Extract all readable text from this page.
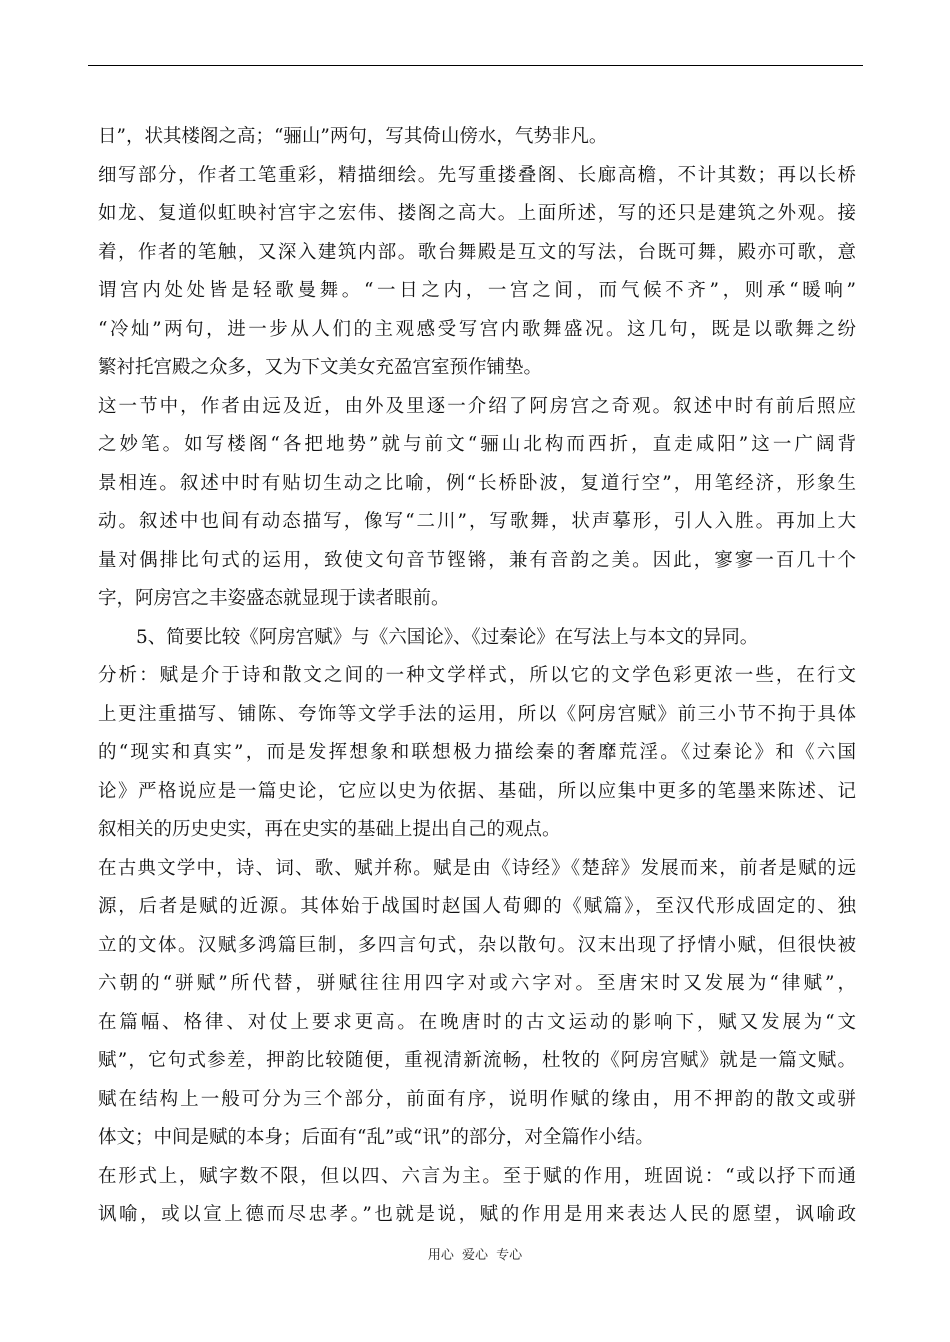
日”，状其楼阁之高；“骊山”两句，写其倚山傍水，气势非凡。
细写部分，作者工笔重彩，精描细绘。先写重搂叠阁、长廊高檐，不计其数；再以长桥
如龙、复道似虹映衬宫宇之宏伟、搂阁之高大。上面所述，写的还只是建筑之外观。接
着，作者的笔触，又深入建筑内部。歌台舞殿是互文的写法，台既可舞，殿亦可歌，意
谓宫内处处皆是轻歌曼舞。“一日之内，一宫之间，而气候不齐”，则承“暖响”
“冷灿”两句，进一步从人们的主观感受写宫内歌舞盛况。这几句，既是以歌舞之纷
繁衬托宫殿之众多，又为下文美女充盈宫室预作铺垫。
这一节中，作者由远及近，由外及里逐一介绍了阿房宫之奇观。叙述中时有前后照应
之妙笔。如写楼阁“各把地势”就与前文“骊山北构而西折，直走咸阳”这一广阔背
景相连。叙述中时有贴切生动之比喻，例“长桥卧波，复道行空”，用笔经济，形象生
动。叙述中也间有动态描写，像写“二川”，写歌舞，状声摹形，引人入胜。再加上大
量对偶排比句式的运用，致使文句音节铿锵，兼有音韵之美。因此，寥寥一百几十个
字，阿房宫之丰姿盛态就显现于读者眼前。
5、简要比较《阿房宫赋》与《六国论》、《过秦论》在写法上与本文的异同。
分析：赋是介于诗和散文之间的一种文学样式，所以它的文学色彩更浓一些，在行文
上更注重描写、铺陈、夸饰等文学手法的运用，所以《阿房宫赋》前三小节不拘于具体
的“现实和真实”，而是发挥想象和联想极力描绘秦的奢靡荒淫。《过秦论》和《六国
论》严格说应是一篇史论，它应以史为依据、基础，所以应集中更多的笔墨来陈述、记
叙相关的历史史实，再在史实的基础上提出自己的观点。
在古典文学中，诗、词、歌、赋并称。赋是由《诗经》《楚辞》发展而来，前者是赋的远
源，后者是赋的近源。其体始于战国时赵国人荀卿的《赋篇》，至汉代形成固定的、独
立的文体。汉赋多鸿篇巨制，多四言句式，杂以散句。汉末出现了抒情小赋，但很快被
六朝的“骈赋”所代替，骈赋往往用四字对或六字对。至唐宋时又发展为“律赋”，
在篇幅、格律、对仗上要求更高。在晚唐时的古文运动的影响下，赋又发展为“文
赋”，它句式参差，押韵比较随便，重视清新流畅，杜牧的《阿房宫赋》就是一篇文赋。
赋在结构上一般可分为三个部分，前面有序，说明作赋的缘由，用不押韵的散文或骈
体文；中间是赋的本身；后面有“乱”或“讯”的部分，对全篇作小结。
在形式上，赋字数不限，但以四、六言为主。至于赋的作用，班固说：“或以抒下而通
讽喻，或以宣上德而尽忠孝。”也就是说，赋的作用是用来表达人民的愿望，讽喻政
用心 爱心 专心
